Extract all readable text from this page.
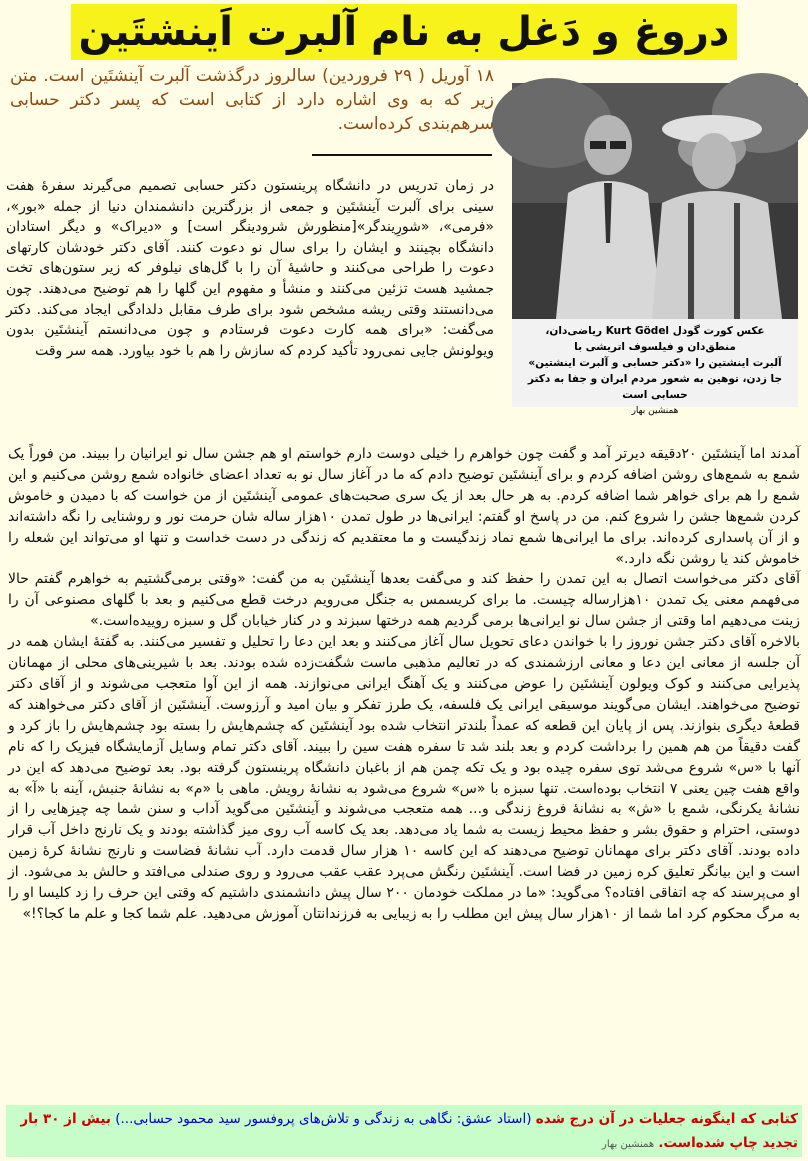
دروغ و دَغل به نام آلبرت اَینشتَین
عکس کورت گودل Kurt Gödel ریاضی‌دان،
منطق‌دان و فیلسوف اتریشی با
آلبرت اینشتین را «دکتر حسابی و آلبرت اینشتین»
جا زدن، توهین به شعور مردم ایران و جفا به دکتر حسابی است
همنشین بهار
۱۸ آوریل ( ۲۹ فروردین) سالروز درگذشت آلبرت آینشتَین است. متن زیر که به وی اشاره دارد از کتابی است که پسر دکتر حسابی سرهم‌بندی کرده‌است.

در زمان تدریس در دانشگاه پرینستون دکتر حسابی تصمیم می‌گیرند سفرهٔ هفت سینی برای آلبرت آینشتَین و جمعی از بزرگترین دانشمندان دنیا از جمله «بور»، «فرمی»، «شورِیندگر»[منظورش شرودینگر است] و «دیراک» و دیگر استادان دانشگاه بچینند و ایشان را برای سال نو دعوت کنند. آقای دکتر خودشان کارتهای دعوت را طراحی می‌کنند و حاشیهٔ آن را با گل‌های نیلوفر که زیر ستون‌های تخت جمشید هست تزئین می‌کنند و منشأ و مفهوم این گلها را هم توضیح می‌دهند. چون می‌دانستند وقتی ریشه مشخص شود برای طرف مقابل دلدادگی ایجاد می‌کند. دکتر می‌گفت: «برای همه کارت دعوت فرستادم و چون می‌دانستم آینشتَین بدون ویولونش جایی نمی‌رود تأکید کردم که سازش را هم با خود بیاورد. همه سر وقت

آمدند اما آینشتَین ۲۰دقیقه دیرتر آمد و گفت چون خواهرم را خیلی دوست دارم خواستم او هم جشن سال نو ایرانیان را ببیند. من فوراً یک شمع به شمع‌های روشن اضافه کردم و برای آینشتَین توضیح دادم که ما در آغاز سال نو به تعداد اعضای خانواده شمع روشن می‌کنیم و این شمع را هم برای خواهر شما اضافه کردم. به هر حال بعد از یک سری صحبت‌های عمومی آینشتَین از من خواست که با دمیدن و خاموش کردن شمع‌ها جشن را شروع کنم. من در پاسخ او گفتم: ایرانی‌ها در طول تمدن ۱۰هزار ساله شان حرمت نور و روشنایی را نگه داشته‌اند و از آن پاسداری کرده‌اند. برای ما ایرانی‌ها شمع نماد زندگیست و ما معتقدیم که زندگی در دست خداست و تنها او می‌تواند این شعله را خاموش کند یا روشن نگه دارد.»

آقای دکتر می‌خواست اتصال به این تمدن را حفظ کند و می‌گفت بعدها آینشتَین به من گفت: «وقتی برمی‌گشتیم به خواهرم گفتم حالا می‌فهمم معنی یک تمدن ۱۰هزارساله چیست. ما برای کریسمس به جنگل می‌رویم درخت قطع می‌کنیم و بعد با گلهای مصنوعی آن را زینت می‌دهیم اما وقتی از جشن سال نو ایرانی‌ها برمی گردیم همه درختها سبزند و در کنار خیابان گل و سبزه روییده‌است.»

بالاخره آقای دکتر جشن نوروز را با خواندن دعای تحویل سال آغاز می‌کنند و بعد این دعا را تحلیل و تفسیر می‌کنند. به گفتهٔ ایشان همه در آن جلسه از معانی این دعا و معانی ارزشمندی که در تعالیم مذهبی ماست شگفت‌زده شده بودند. بعد با شیرینی‌های محلی از مهمانان پذیرایی می‌کنند و کوک ویولون آینشتَین را عوض می‌کنند و یک آهنگ ایرانی می‌نوازند. همه از این آوا متعجب می‌شوند و از آقای دکتر توضیح می‌خواهند. ایشان می‌گویند موسیقی ایرانی یک فلسفه، یک طرز تفکر و بیان امید و آرزوست. آینشتَین از آقای دکتر می‌خواهند که قطعهٔ دیگری بنوازند. پس از پایان این قطعه که عمداً بلندتر انتخاب شده بود آینشتَین که چشم‌هایش را بسته بود چشم‌هایش را باز کرد و گفت دقیقاً من هم همین را برداشت کردم و بعد بلند شد تا سفره هفت سین را ببیند. آقای دکتر تمام وسایل آزمایشگاه فیزیک را که نام آنها با «س» شروع می‌شد توی سفره چیده بود و یک تکه چمن هم از باغبان دانشگاه پرینستون گرفته بود. بعد توضیح می‌دهد که این در واقع هفت چین یعنی ۷ انتخاب بوده‌است. تنها سبزه با «س» شروع می‌شود به نشانهٔ رویش. ماهی با «م» به نشانهٔ جنبش، آینه با «آ» به نشانهٔ یکرنگی، شمع با «ش» به نشانهٔ فروغ زندگی و... همه متعجب می‌شوند و آینشتَین می‌گوید آداب و سنن شما چه چیزهایی را از دوستی، احترام و حقوق بشر و حفظ محیط زیست به شما یاد می‌دهد. بعد یک کاسه آب روی میز گذاشته بودند و یک نارنج داخل آب قرار داده بودند. آقای دکتر برای مهمانان توضیح می‌دهند که این کاسه ۱۰ هزار سال قدمت دارد. آب نشانهٔ فضاست و نارنج نشانهٔ کرهٔ زمین است و این بیانگر تعلیق کره زمین در فضا است. آینشتَین رنگش می‌پرد عقب عقب می‌رود و روی صندلی می‌افتد و حالش بد می‌شود. از او می‌پرسند که چه اتفاقی افتاده؟ می‌گوید: «ما در مملکت خودمان ۲۰۰ سال پیش دانشمندی داشتیم که وقتی این حرف را زد کلیسا او را به مرگ محکوم کرد اما شما از ۱۰هزار سال پیش این مطلب را به زیبایی به فرزندانتان آموزش می‌دهید. علم شما کجا و علم ما کجا؟!»

کتابی که اینگونه جعلیات در آن درج شده (استاد عشق: نگاهی به زندگی و تلاش‌های پروفسور سید محمود حسابی...) بیش از ۳۰ بار تجدید چاپ شده‌است. همنشین بهار
